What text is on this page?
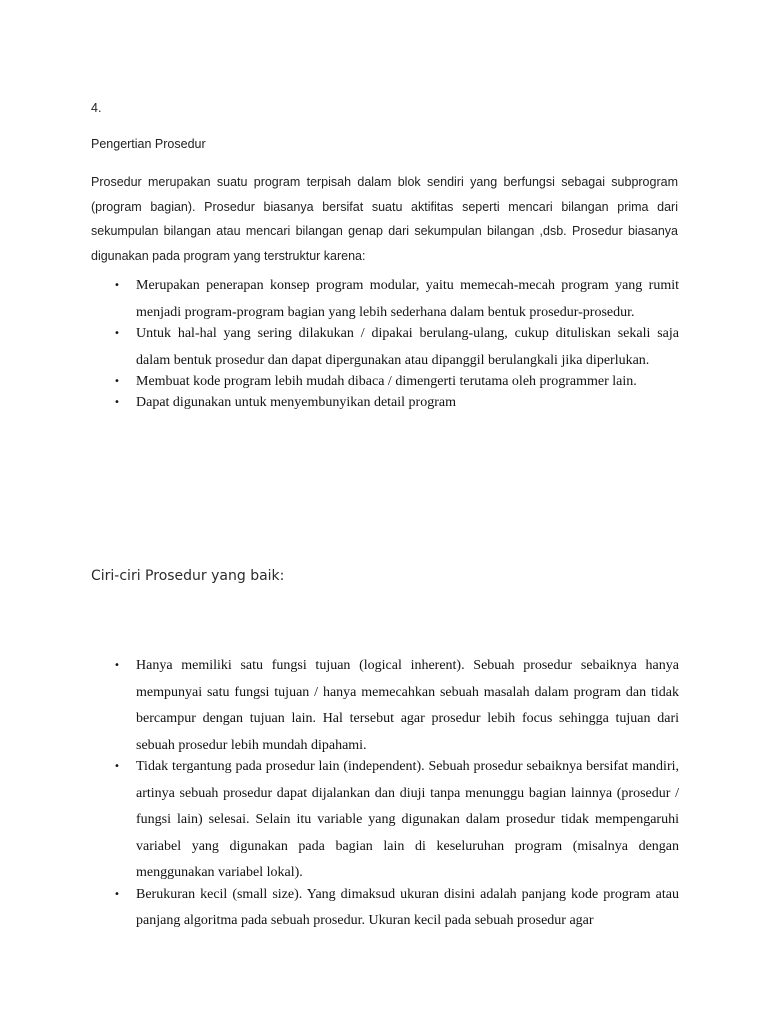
4.
Pengertian Prosedur

Prosedur merupakan suatu program terpisah dalam blok sendiri yang berfungsi sebagai subprogram (program bagian). Prosedur biasanya bersifat suatu aktifitas seperti mencari bilangan prima dari sekumpulan bilangan atau mencari bilangan genap dari sekumpulan bilangan ,dsb. Prosedur biasanya digunakan pada program yang terstruktur karena:

• Merupakan penerapan konsep program modular, yaitu memecah-mecah program yang rumit menjadi program-program bagian yang lebih sederhana dalam bentuk prosedur-prosedur.
• Untuk hal-hal yang sering dilakukan / dipakai berulang-ulang, cukup dituliskan sekali saja dalam bentuk prosedur dan dapat dipergunakan atau dipanggil berulangkali jika diperlukan.
• Membuat kode program lebih mudah dibaca / dimengerti terutama oleh programmer lain.
• Dapat digunakan untuk menyembunyikan detail program
Ciri-ciri Prosedur yang baik:
• Hanya memiliki satu fungsi tujuan (logical inherent). Sebuah prosedur sebaiknya hanya mempunyai satu fungsi tujuan / hanya memecahkan sebuah masalah dalam program dan tidak bercampur dengan tujuan lain. Hal tersebut agar prosedur lebih focus sehingga tujuan dari sebuah prosedur lebih mundah dipahami.
• Tidak tergantung pada prosedur lain (independent). Sebuah prosedur sebaiknya bersifat mandiri, artinya sebuah prosedur dapat dijalankan dan diuji tanpa menunggu bagian lainnya (prosedur / fungsi lain) selesai. Selain itu variable yang digunakan dalam prosedur tidak mempengaruhi variabel yang digunakan pada bagian lain di keseluruhan program (misalnya dengan menggunakan variabel lokal).
• Berukuran kecil (small size). Yang dimaksud ukuran disini adalah panjang kode program atau panjang algoritma pada sebuah prosedur. Ukuran kecil pada sebuah prosedur agar
